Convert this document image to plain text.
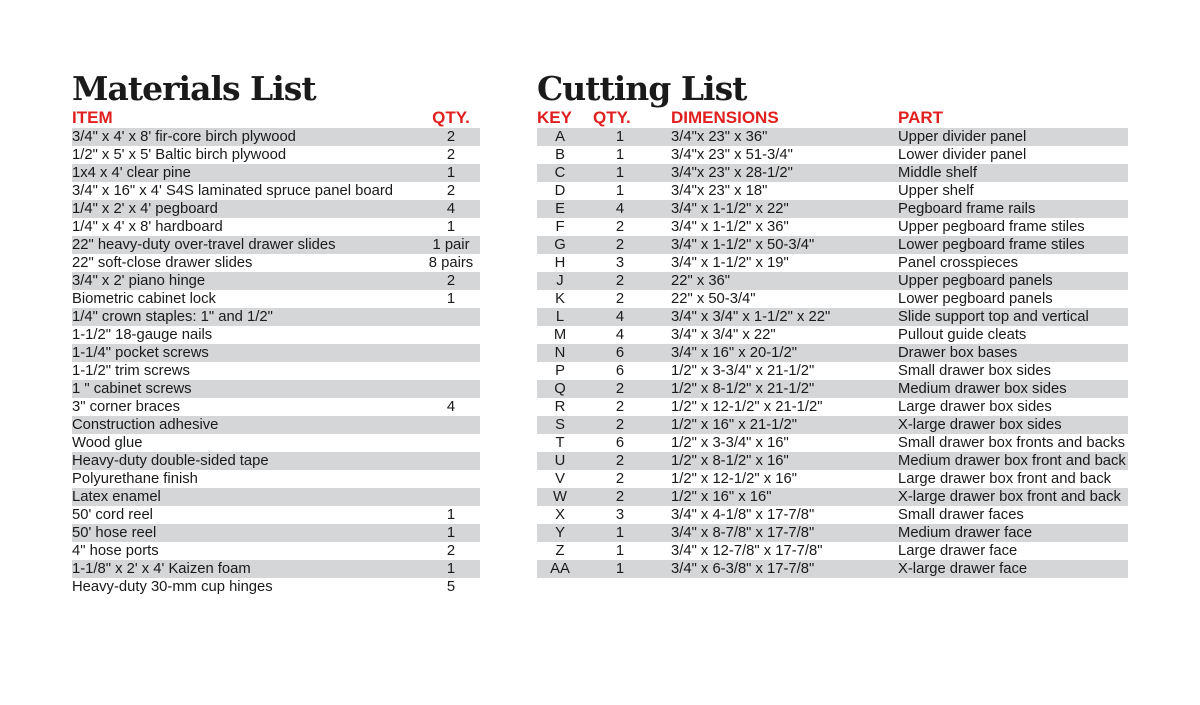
Materials List
ITEM	QTY.
3/4" x 4' x 8' fir-core birch plywood	2
1/2" x 5' x 5' Baltic birch plywood	2
1x4 x 4' clear pine	1
3/4" x 16" x 4' S4S laminated spruce panel board	2
1/4" x 2' x 4' pegboard	4
1/4" x 4' x 8' hardboard	1
22" heavy-duty over-travel drawer slides	1 pair
22" soft-close drawer slides	8 pairs
3/4" x 2' piano hinge	2
Biometric cabinet lock	1
1/4" crown staples: 1" and 1/2"	
1-1/2" 18-gauge nails	
1-1/4" pocket screws	
1-1/2" trim screws	
1 " cabinet screws	
3" corner braces	4
Construction adhesive	
Wood glue	
Heavy-duty double-sided tape	
Polyurethane finish	
Latex enamel	
50' cord reel	1
50' hose reel	1
4" hose ports	2
1-1/8" x 2' x 4' Kaizen foam	1
Heavy-duty 30-mm cup hinges	5
Cutting List
KEY	QTY.	DIMENSIONS	PART
A	1	3/4"x 23" x 36"	Upper divider panel
B	1	3/4"x 23" x 51-3/4"	Lower divider panel
C	1	3/4"x 23" x 28-1/2"	Middle shelf
D	1	3/4"x 23" x 18"	Upper shelf
E	4	3/4" x 1-1/2" x 22"	Pegboard frame rails
F	2	3/4" x 1-1/2" x 36"	Upper pegboard frame stiles
G	2	3/4" x 1-1/2" x 50-3/4"	Lower pegboard frame stiles
H	3	3/4" x 1-1/2" x 19"	Panel crosspieces
J	2	22" x 36"	Upper pegboard panels
K	2	22" x 50-3/4"	Lower pegboard panels
L	4	3/4" x 3/4" x 1-1/2" x 22"	Slide support top and vertical
M	4	3/4" x 3/4" x 22"	Pullout guide cleats
N	6	3/4" x 16" x 20-1/2"	Drawer box bases
P	6	1/2" x 3-3/4" x 21-1/2"	Small drawer box sides
Q	2	1/2" x 8-1/2" x 21-1/2"	Medium drawer box sides
R	2	1/2" x 12-1/2" x 21-1/2"	Large drawer box sides
S	2	1/2" x 16" x 21-1/2"	X-large drawer box sides
T	6	1/2" x 3-3/4" x 16"	Small drawer box fronts and backs
U	2	1/2" x 8-1/2" x 16"	Medium drawer box front and back
V	2	1/2" x 12-1/2" x 16"	Large drawer box front and back
W	2	1/2" x 16" x 16"	X-large drawer box front and back
X	3	3/4" x 4-1/8" x 17-7/8"	Small drawer faces
Y	1	3/4" x 8-7/8" x 17-7/8"	Medium drawer face
Z	1	3/4" x 12-7/8" x 17-7/8"	Large drawer face
AA	1	3/4" x 6-3/8" x 17-7/8"	X-large drawer face
